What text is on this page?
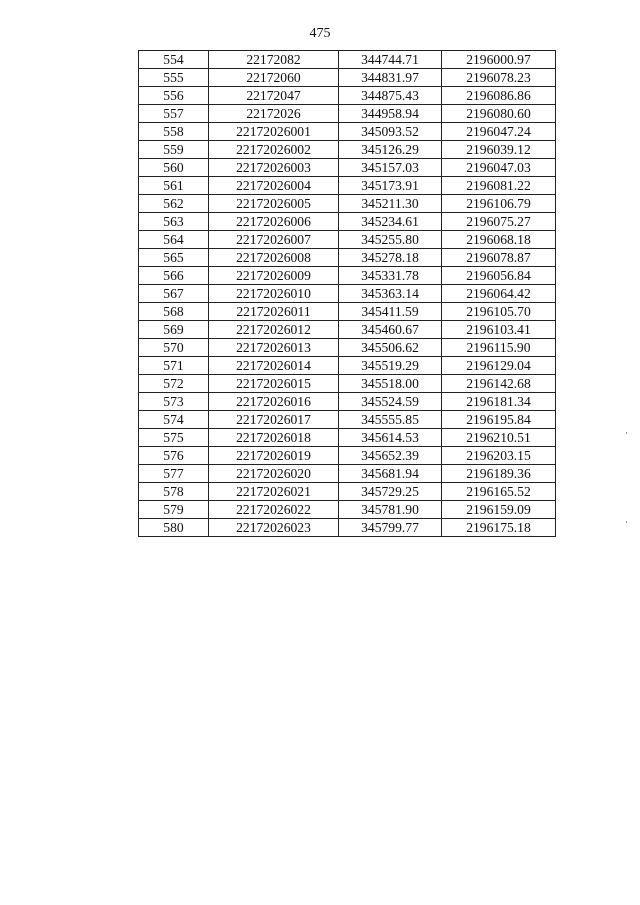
475
554	22172082	344744.71	2196000.97
555	22172060	344831.97	2196078.23
556	22172047	344875.43	2196086.86
557	22172026	344958.94	2196080.60
558	22172026001	345093.52	2196047.24
559	22172026002	345126.29	2196039.12
560	22172026003	345157.03	2196047.03
561	22172026004	345173.91	2196081.22
562	22172026005	345211.30	2196106.79
563	22172026006	345234.61	2196075.27
564	22172026007	345255.80	2196068.18
565	22172026008	345278.18	2196078.87
566	22172026009	345331.78	2196056.84
567	22172026010	345363.14	2196064.42
568	22172026011	345411.59	2196105.70
569	22172026012	345460.67	2196103.41
570	22172026013	345506.62	2196115.90
571	22172026014	345519.29	2196129.04
572	22172026015	345518.00	2196142.68
573	22172026016	345524.59	2196181.34
574	22172026017	345555.85	2196195.84
575	22172026018	345614.53	2196210.51
576	22172026019	345652.39	2196203.15
577	22172026020	345681.94	2196189.36
578	22172026021	345729.25	2196165.52
579	22172026022	345781.90	2196159.09
580	22172026023	345799.77	2196175.18
